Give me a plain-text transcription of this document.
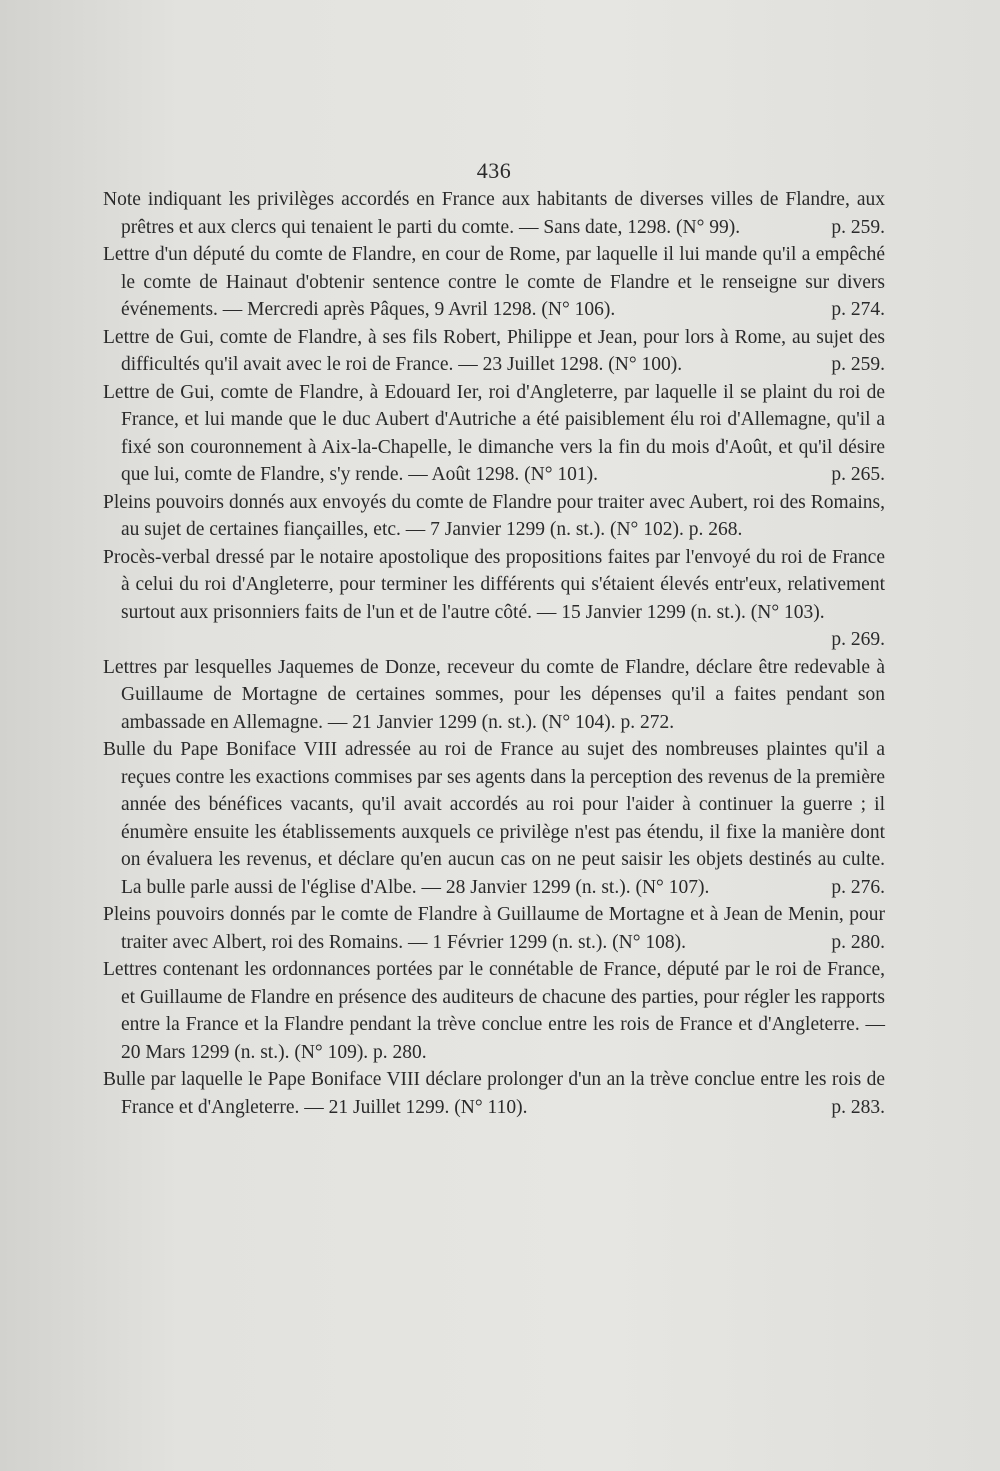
436

Note indiquant les privilèges accordés en France aux habitants de diverses villes de Flandre, aux prêtres et aux clercs qui tenaient le parti du comte. — Sans date, 1298. (N° 99).	p. 259.

Lettre d'un député du comte de Flandre, en cour de Rome, par laquelle il lui mande qu'il a empêché le comte de Hainaut d'obtenir sentence contre le comte de Flandre et le renseigne sur divers événements. — Mercredi après Pâques, 9 Avril 1298. (N° 106).	p. 274.

Lettre de Gui, comte de Flandre, à ses fils Robert, Philippe et Jean, pour lors à Rome, au sujet des difficultés qu'il avait avec le roi de France. — 23 Juillet 1298. (N° 100).	p. 259.

Lettre de Gui, comte de Flandre, à Edouard Ier, roi d'Angleterre, par laquelle il se plaint du roi de France, et lui mande que le duc Aubert d'Autriche a été paisiblement élu roi d'Allemagne, qu'il a fixé son couronnement à Aix-la-Chapelle, le dimanche vers la fin du mois d'Août, et qu'il désire que lui, comte de Flandre, s'y rende. — Août 1298. (N° 101).	p. 265.

Pleins pouvoirs donnés aux envoyés du comte de Flandre pour traiter avec Aubert, roi des Romains, au sujet de certaines fiançailles, etc. — 7 Janvier 1299 (n. st.). (N° 102). p. 268.

Procès-verbal dressé par le notaire apostolique des propositions faites par l'envoyé du roi de France à celui du roi d'Angleterre, pour terminer les différents qui s'étaient élevés entr'eux, relativement surtout aux prisonniers faits de l'un et de l'autre côté. — 15 Janvier 1299 (n. st.). (N° 103).
p. 269.

Lettres par lesquelles Jaquemes de Donze, receveur du comte de Flandre, déclare être redevable à Guillaume de Mortagne de certaines sommes, pour les dépenses qu'il a faites pendant son ambassade en Allemagne. — 21 Janvier 1299 (n. st.). (N° 104). p. 272.

Bulle du Pape Boniface VIII adressée au roi de France au sujet des nombreuses plaintes qu'il a reçues contre les exactions commises par ses agents dans la perception des revenus de la première année des bénéfices vacants, qu'il avait accordés au roi pour l'aider à continuer la guerre ; il énumère ensuite les établissements auxquels ce privilège n'est pas étendu, il fixe la manière dont on évaluera les revenus, et déclare qu'en aucun cas on ne peut saisir les objets destinés au culte. La bulle parle aussi de l'église d'Albe. — 28 Janvier 1299 (n. st.). (N° 107).	p. 276.

Pleins pouvoirs donnés par le comte de Flandre à Guillaume de Mortagne et à Jean de Menin, pour traiter avec Albert, roi des Romains. — 1 Février 1299 (n. st.). (N° 108).	p. 280.

Lettres contenant les ordonnances portées par le connétable de France, député par le roi de France, et Guillaume de Flandre en présence des auditeurs de chacune des parties, pour régler les rapports entre la France et la Flandre pendant la trève conclue entre les rois de France et d'Angleterre. — 20 Mars 1299 (n. st.). (N° 109). p. 280.

Bulle par laquelle le Pape Boniface VIII déclare prolonger d'un an la trève conclue entre les rois de France et d'Angleterre. — 21 Juillet 1299. (N° 110).	p. 283.
